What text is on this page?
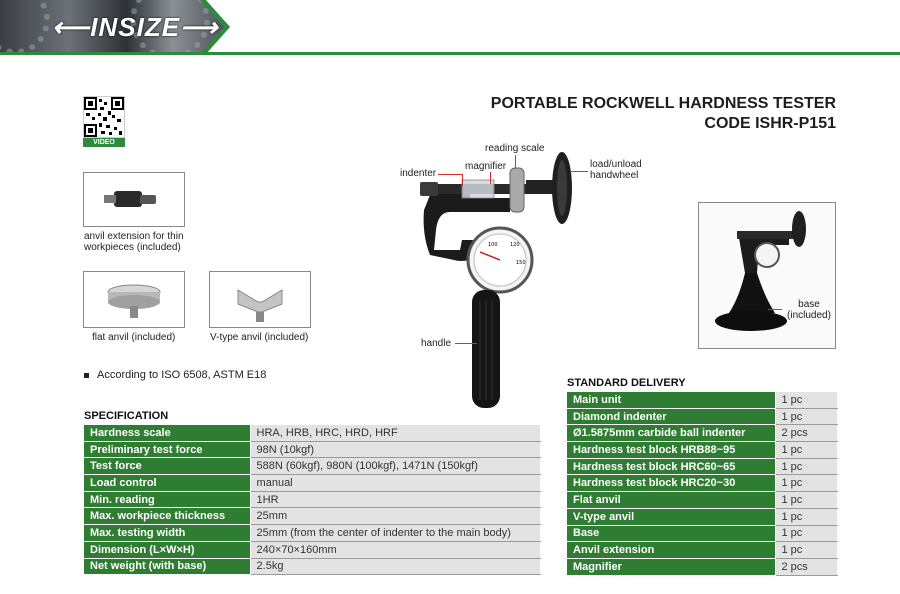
⟵INSIZE⟶
PORTABLE ROCKWELL HARDNESS TESTER
CODE ISHR-P151
VIDEO
anvil extension for thin workpieces (included)
flat anvil (included)	V-type anvil (included)
100 120
150
reading scale
magnifier
indenter
load/unload handwheel
handle
base (included)
According to ISO 6508, ASTM E18
SPECIFICATION
Hardness scale	HRA, HRB, HRC, HRD, HRF
Preliminary test force	98N (10kgf)
Test force	588N (60kgf), 980N (100kgf), 1471N (150kgf)
Load control	manual
Min. reading	1HR
Max. workpiece thickness	25mm
Max. testing width	25mm (from the center of indenter to the main body)
Dimension (L×W×H)	240×70×160mm
Net weight (with base)	2.5kg
STANDARD DELIVERY
Main unit	1 pc
Diamond indenter	1 pc
Ø1.5875mm carbide ball indenter	2 pcs
Hardness test block HRB88~95	1 pc
Hardness test block HRC60~65	1 pc
Hardness test block HRC20~30	1 pc
Flat anvil	1 pc
V-type anvil	1 pc
Base	1 pc
Anvil extension	1 pc
Magnifier	2 pcs
